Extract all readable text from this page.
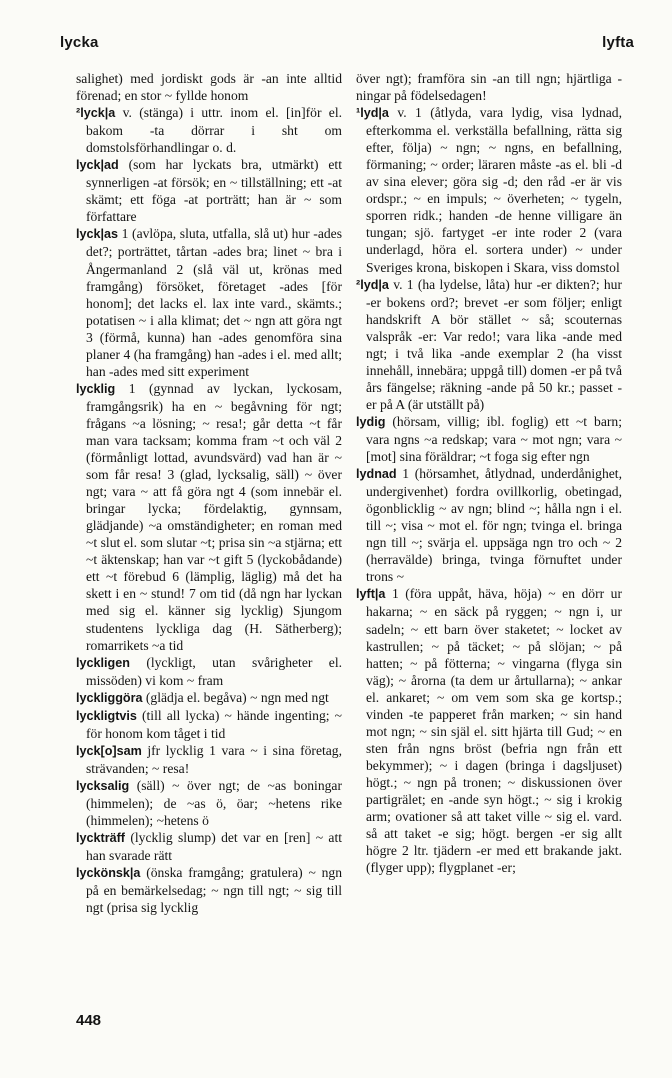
lycka	lyfta

salighet) med jordiskt gods är -an inte alltid förenad; en stor ~ fyllde honom

²lyck|a v. (stänga) i uttr. inom el. [in]för el. bakom -ta dörrar i sht om domstolsförhandlingar o. d.

lyck|ad (som har lyckats bra, utmärkt) ett synnerligen -at försök; en ~ tillställning; ett -at skämt; ett föga -at porträtt; han är ~ som författare

lyck|as 1 (avlöpa, sluta, utfalla, slå ut) hur -ades det?; porträttet, tårtan -ades bra; linet ~ bra i Ångermanland 2 (slå väl ut, krönas med framgång) försöket, företaget -ades [för honom]; det lacks el. lax inte vard., skämts.; potatisen ~ i alla klimat; det ~ ngn att göra ngt 3 (förmå, kunna) han -ades genomföra sina planer 4 (ha framgång) han -ades i el. med allt; han -ades med sitt experiment

lycklig 1 (gynnad av lyckan, lyckosam, framgångsrik) ha en ~ begåvning för ngt; frågans ~a lösning; ~ resa!; går detta ~t får man vara tacksam; komma fram ~t och väl 2 (förmånligt lottad, avundsvärd) vad han är ~ som får resa! 3 (glad, lycksalig, säll) ~ över ngt; vara ~ att få göra ngt 4 (som innebär el. bringar lycka; fördelaktig, gynnsam, glädjande) ~a omständigheter; en roman med ~t slut el. som slutar ~t; prisa sin ~a stjärna; ett ~t äktenskap; han var ~t gift 5 (lyckobådande) ett ~t förebud 6 (lämplig, läglig) må det ha skett i en ~ stund! 7 om tid (då ngn har lyckan med sig el. känner sig lycklig) Sjungom studentens lyckliga dag (H. Sätherberg); romarrikets ~a tid

lyckligen (lyckligt, utan svårigheter el. missöden) vi kom ~ fram

lyckliggöra (glädja el. begåva) ~ ngn med ngt

lyckligtvis (till all lycka) ~ hände ingenting; ~ för honom kom tåget i tid

lyck[o]sam jfr lycklig 1 vara ~ i sina företag, strävanden; ~ resa!

lycksalig (säll) ~ över ngt; de ~as boningar (himmelen); de ~as ö, öar; ~hetens rike (himmelen); ~hetens ö

lyckträff (lycklig slump) det var en [ren] ~ att han svarade rätt

lyckönsk|a (önska framgång; gratulera) ~ ngn på en bemärkelsedag; ~ ngn till ngt; ~ sig till ngt (prisa sig lycklig

över ngt); framföra sin -an till ngn; hjärtliga -ningar på födelsedagen!

¹lyd|a v. 1 (åtlyda, vara lydig, visa lydnad, efterkomma el. verkställa befallning, rätta sig efter, följa) ~ ngn; ~ ngns, en befallning, förmaning; ~ order; läraren måste -as el. bli -d av sina elever; göra sig -d; den råd -er är vis ordspr.; ~ en impuls; ~ överheten; ~ tygeln, sporren ridk.; handen -de henne villigare än tungan; sjö. fartyget -er inte roder 2 (vara underlagd, höra el. sortera under) ~ under Sveriges krona, biskopen i Skara, viss domstol

²lyd|a v. 1 (ha lydelse, låta) hur -er dikten?; hur -er bokens ord?; brevet -er som följer; enligt handskrift A bör stället ~ så; scouternas valspråk -er: Var redo!; vara lika -ande med ngt; i två lika -ande exemplar 2 (ha visst innehåll, innebära; uppgå till) domen -er på två års fängelse; räkning -ande på 50 kr.; passet -er på A (är utställt på)

lydig (hörsam, villig; ibl. foglig) ett ~t barn; vara ngns ~a redskap; vara ~ mot ngn; vara ~ [mot] sina föräldrar; ~t foga sig efter ngn

lydnad 1 (hörsamhet, åtlydnad, underdånighet, undergivenhet) fordra ovillkorlig, obetingad, ögonblicklig ~ av ngn; blind ~; hålla ngn i el. till ~; visa ~ mot el. för ngn; tvinga el. bringa ngn till ~; svärja el. uppsäga ngn tro och ~ 2 (herravälde) bringa, tvinga förnuftet under trons ~

lyft|a 1 (föra uppåt, häva, höja) ~ en dörr ur hakarna; ~ en säck på ryggen; ~ ngn i, ur sadeln; ~ ett barn över staketet; ~ locket av kastrullen; ~ på täcket; ~ på slöjan; ~ på hatten; ~ på fötterna; ~ vingarna (flyga sin väg); ~ årorna (ta dem ur årtullarna); ~ ankar el. ankaret; ~ om vem som ska ge kortsp.; vinden -te papperet från marken; ~ sin hand mot ngn; ~ sin själ el. sitt hjärta till Gud; ~ en sten från ngns bröst (befria ngn från ett bekymmer); ~ i dagen (bringa i dagsljuset) högt.; ~ ngn på tronen; ~ diskussionen över partigrälet; en -ande syn högt.; ~ sig i krokig arm; ovationer så att taket ville ~ sig el. vard. så att taket -e sig; högt. bergen -er sig allt högre 2 ltr. tjädern -er med ett brakande jakt. (flyger upp); flygplanet -er;

448
